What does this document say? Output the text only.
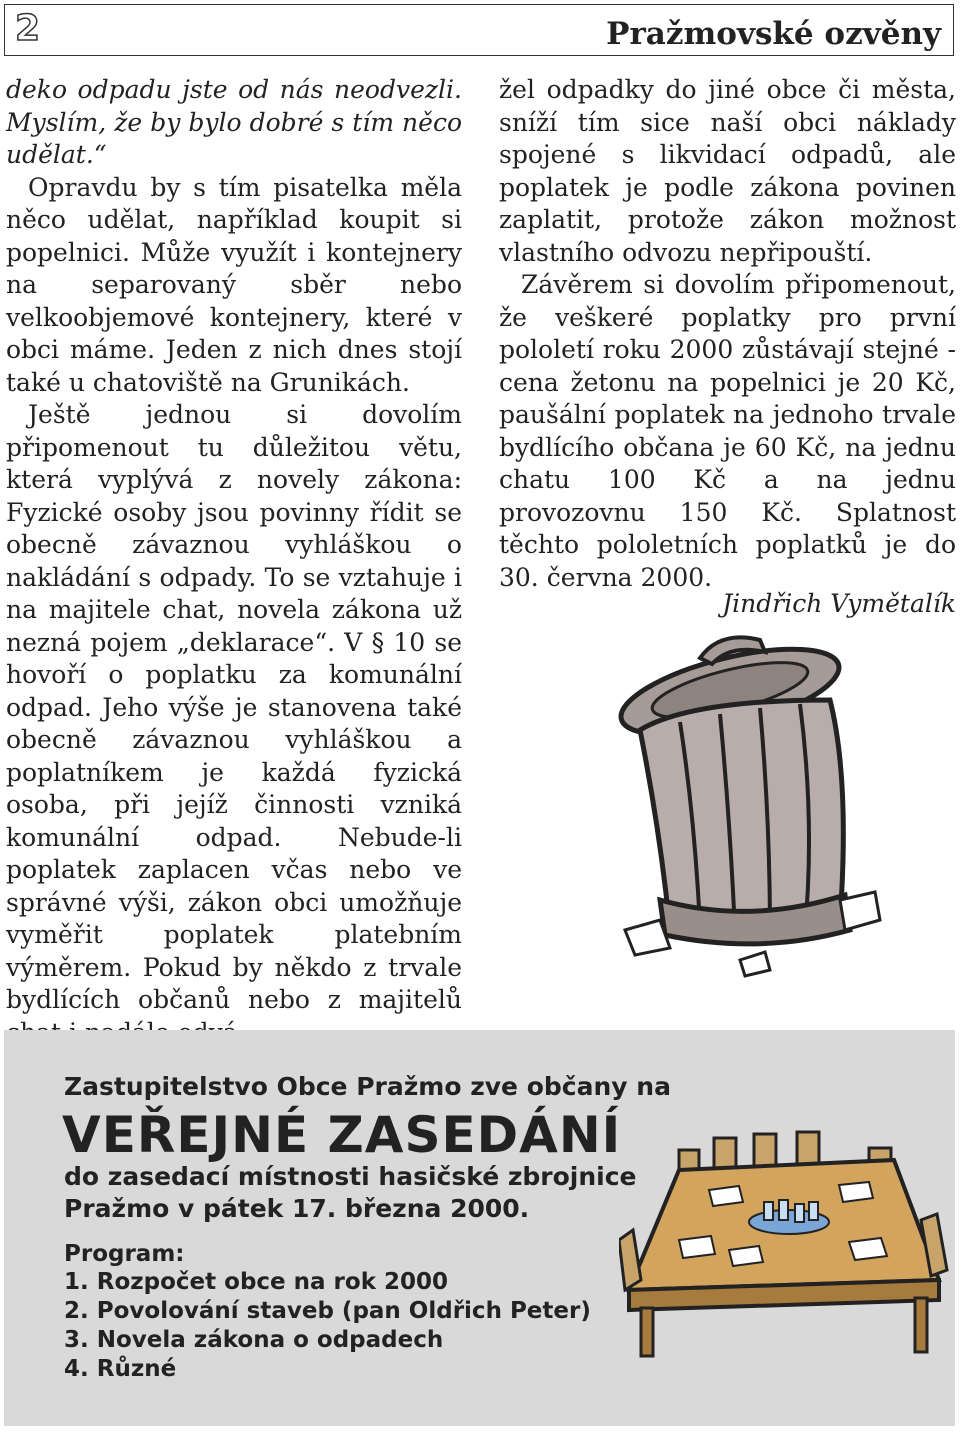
2	Pražmovské ozvěny

deko odpadu jste od nás neodvezli. Myslím, že by bylo dobré s tím něco udělat.“

Opravdu by s tím pisatelka měla něco udělat, například koupit si popelnici. Může využít i kontejnery na separovaný sběr nebo velkoobjemové kontejnery, které v obci máme. Jeden z nich dnes stojí také u chatoviště na Grunikách.

Ještě jednou si dovolím připomenout tu důležitou větu, která vyplývá z novely zákona: Fyzické osoby jsou povinny řídit se obecně závaznou vyhláškou o nakládání s odpady. To se vztahuje i na majitele chat, novela zákona už nezná pojem „deklarace“. V § 10 se hovoří o poplatku za komunální odpad. Jeho výše je stanovena také obecně závaznou vyhláškou a poplatníkem je každá fyzická osoba, při jejíž činnosti vzniká komunální odpad. Nebude-li poplatek zaplacen včas nebo ve správné výši, zákon obci umožňuje vyměřit poplatek platebním výměrem. Pokud by někdo z trvale bydlících občanů nebo z majitelů

žel odpadky do jiné obce či města, sníží tím sice naší obci náklady spojené s likvidací odpadů, ale poplatek je podle zákona povinen zaplatit, protože zákon možnost vlastního odvozu nepřipouští.

Závěrem si dovolím připomenout, že veškeré poplatky pro první pololetí roku 2000 zůstávají stejné - cena žetonu na popelnici je 20 Kč, paušální poplatek na jednoho trvale bydlícího občana je 60 Kč, na jednu chatu 100 Kč a na jednu provozovnu 150 Kč. Splatnost těchto pololetních poplatků je do 30. června 2000.

Jindřich Vymětalík

Zastupitelstvo Obce Pražmo zve občany na
VEŘEJNÉ ZASEDÁNÍ
do zasedací místnosti hasičské zbrojnice
Pražmo v pátek 17. března 2000.
Program:
1. Rozpočet obce na rok 2000
2. Povolování staveb (pan Oldřich Peter)
3. Novela zákona o odpadech
4. Různé
